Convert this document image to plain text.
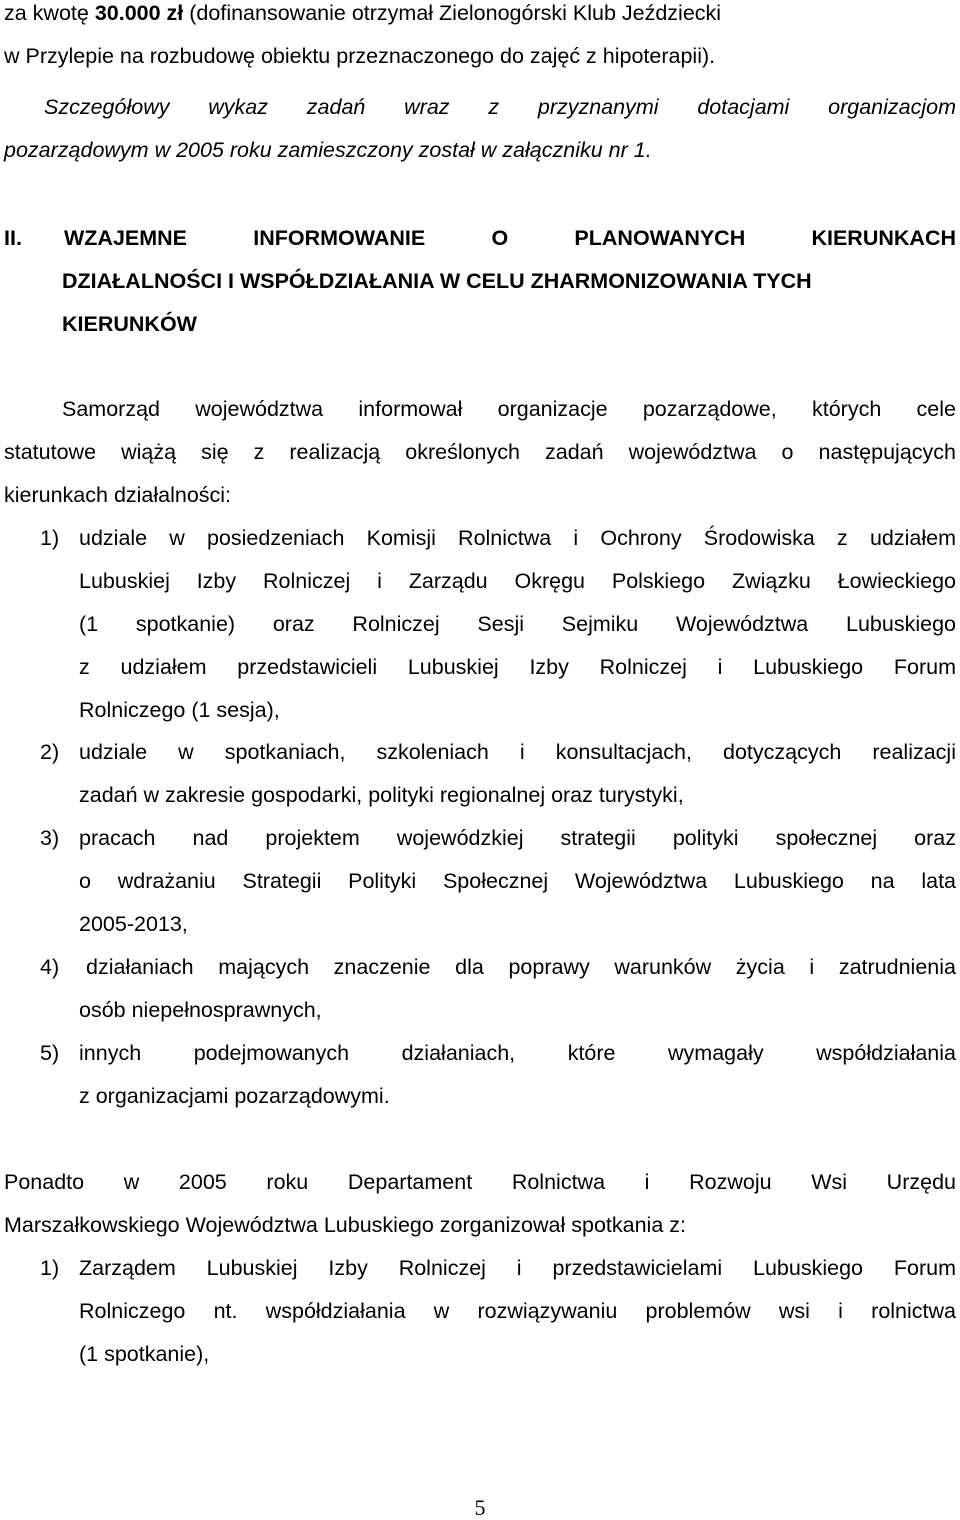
za kwotę 30.000 zł (dofinansowanie otrzymał Zielonogórski Klub Jeździecki
w Przylepie na rozbudowę obiektu przeznaczonego do zajęć z hipoterapii).
Szczegółowy wykaz zadań wraz z przyznanymi dotacjami organizacjom
pozarządowym w 2005 roku zamieszczony został w załączniku nr 1.
II. WZAJEMNE INFORMOWANIE O PLANOWANYCH KIERUNKACH
DZIAŁALNOŚCI I WSPÓŁDZIAŁANIA W CELU ZHARMONIZOWANIA TYCH
KIERUNKÓW
Samorząd województwa informował organizacje pozarządowe, których cele
statutowe wiążą się z realizacją określonych zadań województwa o następujących
kierunkach działalności:
1) udziale w posiedzeniach Komisji Rolnictwa i Ochrony Środowiska z udziałem
Lubuskiej Izby Rolniczej i Zarządu Okręgu Polskiego Związku Łowieckiego
(1 spotkanie) oraz Rolniczej Sesji Sejmiku Województwa Lubuskiego
z udziałem przedstawicieli Lubuskiej Izby Rolniczej i Lubuskiego Forum
Rolniczego (1 sesja),
2) udziale w spotkaniach, szkoleniach i konsultacjach, dotyczących realizacji
zadań w zakresie gospodarki, polityki regionalnej oraz turystyki,
3) pracach nad projektem wojewódzkiej strategii polityki społecznej oraz
o wdrażaniu Strategii Polityki Społecznej Województwa Lubuskiego na lata
2005-2013,
4) działaniach mających znaczenie dla poprawy warunków życia i zatrudnienia
osób niepełnosprawnych,
5) innych podejmowanych działaniach, które wymagały współdziałania
z organizacjami pozarządowymi.
Ponadto w 2005 roku Departament Rolnictwa i Rozwoju Wsi Urzędu
Marszałkowskiego Województwa Lubuskiego zorganizował spotkania z:
1) Zarządem Lubuskiej Izby Rolniczej i przedstawicielami Lubuskiego Forum
Rolniczego nt. współdziałania w rozwiązywaniu problemów wsi i rolnictwa
(1 spotkanie),
5
